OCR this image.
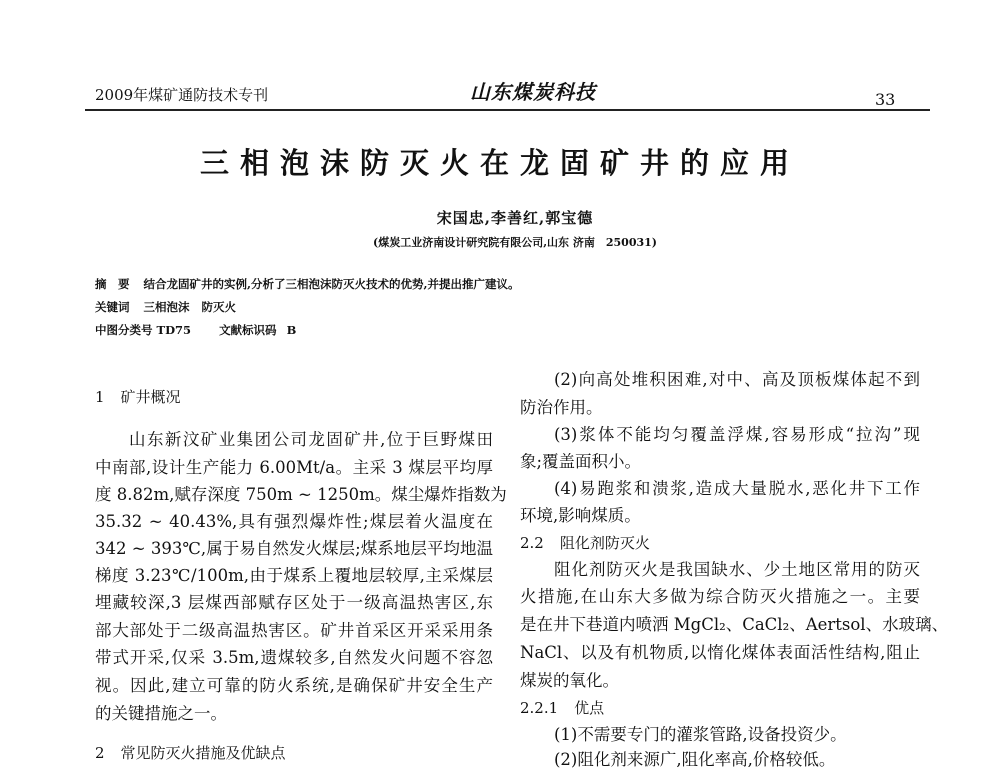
2009年煤矿通防技术专刊	山东煤炭科技	33
三相泡沫防灭火在龙固矿井的应用
宋国忠,李善红,郭宝德
(煤炭工业济南设计研究院有限公司,山东 济南　250031)
摘　要 结合龙固矿井的实例,分析了三相泡沫防灭火技术的优势,并提出推广建议。
关键词 三相泡沫 防灭火
中图分类号 TD75 文献标识码 B
1 矿井概况
山东新汶矿业集团公司龙固矿井,位于巨野煤田
中南部,设计生产能力 6.00Mt/a。主采 3 煤层平均厚
度 8.82m,赋存深度 750m ~ 1250m。煤尘爆炸指数为
35.32 ~ 40.43%,具有强烈爆炸性;煤层着火温度在
342 ~ 393℃,属于易自然发火煤层;煤系地层平均地温
梯度 3.23℃/100m,由于煤系上覆地层较厚,主采煤层
埋藏较深,3 层煤西部赋存区处于一级高温热害区,东
部大部处于二级高温热害区。矿井首采区开采采用条
带式开采,仅采 3.5m,遗煤较多,自然发火问题不容忽
视。因此,建立可靠的防火系统,是确保矿井安全生产
的关键措施之一。
2 常见防灭火措施及优缺点
(2)向高处堆积困难,对中、高及顶板煤体起不到
防治作用。
(3)浆体不能均匀覆盖浮煤,容易形成“拉沟”现
象;覆盖面积小。
(4)易跑浆和溃浆,造成大量脱水,恶化井下工作
环境,影响煤质。
2.2 阻化剂防灭火
阻化剂防灭火是我国缺水、少土地区常用的防灭
火措施,在山东大多做为综合防灭火措施之一。主要
是在井下巷道内喷洒 MgCl₂、CaCl₂、Aertsol、水玻璃、
NaCl、以及有机物质,以惰化煤体表面活性结构,阻止
煤炭的氧化。
2.2.1 优点
(1)不需要专门的灌浆管路,设备投资少。
(2)阻化剂来源广,阻化率高,价格较低。
